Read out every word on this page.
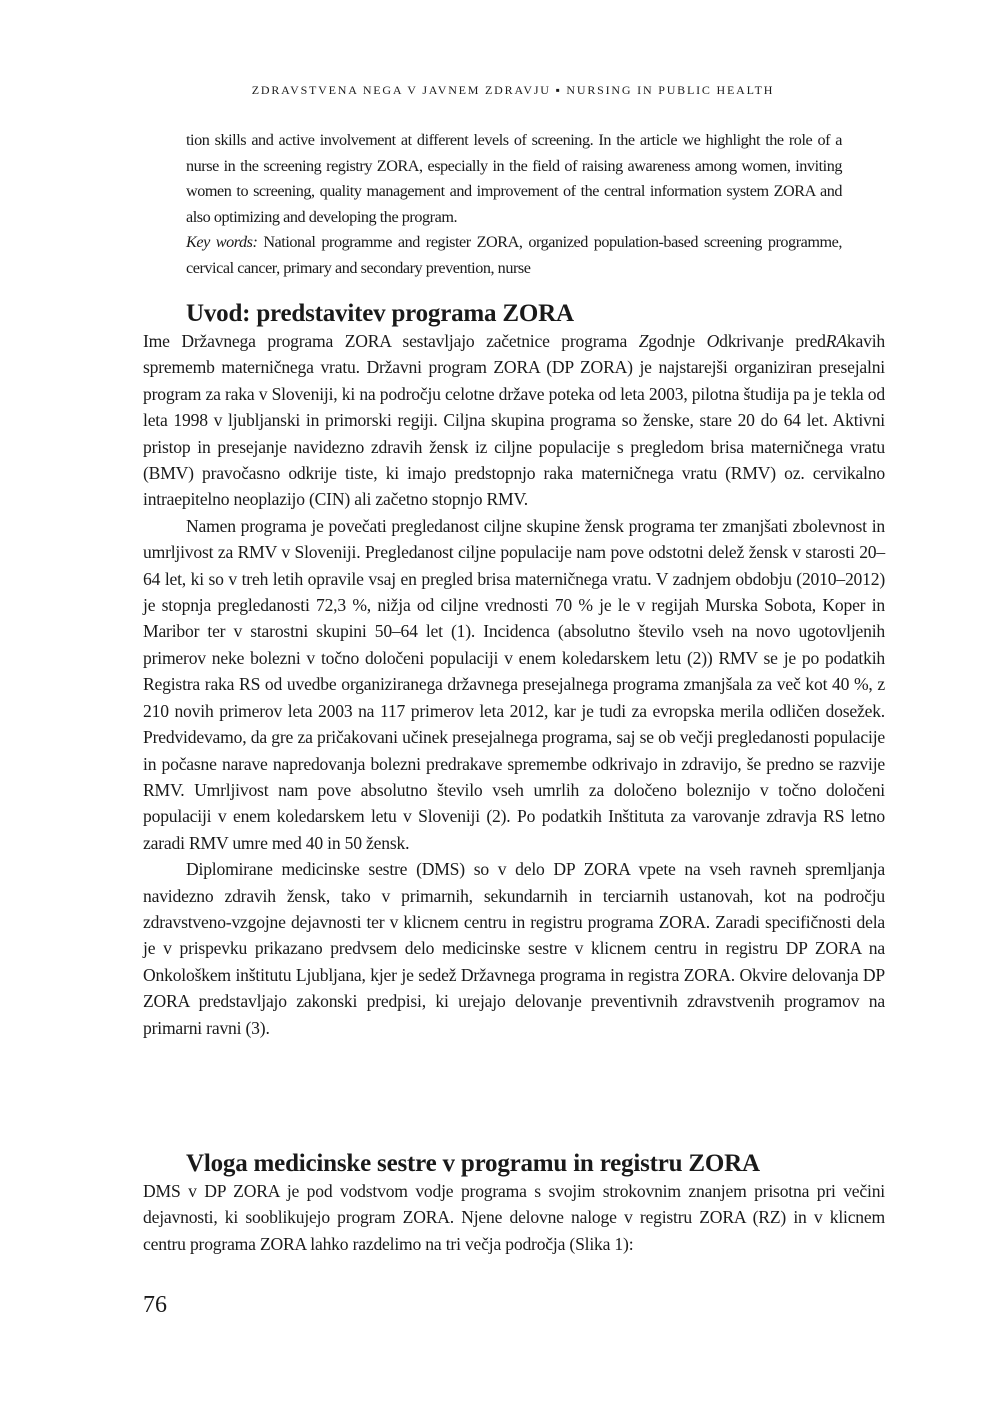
ZDRAVSTVENA NEGA V JAVNEM ZDRAVJU ▪ NURSING IN PUBLIC HEALTH

tion skills and active involvement at different levels of screening. In the article we highlight the role of a nurse in the screening registry ZORA, especially in the field of raising awareness among women, inviting women to screening, quality management and improvement of the central information system ZORA and also optimizing and developing the program.

Key words: National programme and register ZORA, organized population-based screening programme, cervical cancer, primary and secondary prevention, nurse

Uvod: predstavitev programa ZORA

Ime Državnega programa ZORA sestavljajo začetnice programa Zgodnje Odkrivanje predRAkavih sprememb materničnega vratu. Državni program ZORA (DP ZORA) je najstarejši organiziran presejalni program za raka v Sloveniji, ki na področju celotne države poteka od leta 2003, pilotna študija pa je tekla od leta 1998 v ljubljanski in primorski regiji. Ciljna skupina programa so ženske, stare 20 do 64 let. Aktivni pristop in presejanje navidezno zdravih žensk iz ciljne populacije s pregledom brisa materničnega vratu (BMV) pravočasno odkrije tiste, ki imajo predstopnjo raka materničnega vratu (RMV) oz. cervikalno intraepitelno neoplazijo (CIN) ali začetno stopnjo RMV.

Namen programa je povečati pregledanost ciljne skupine žensk programa ter zmanjšati zbolevnost in umrljivost za RMV v Sloveniji. Pregledanost ciljne populacije nam pove odstotni delež žensk v starosti 20–64 let, ki so v treh letih opravile vsaj en pregled brisa materničnega vratu. V zadnjem obdobju (2010–2012) je stopnja pregledanosti 72,3 %, nižja od ciljne vrednosti 70 % je le v regijah Murska Sobota, Koper in Maribor ter v starostni skupini 50–64 let (1). Incidenca (absolutno število vseh na novo ugotovljenih primerov neke bolezni v točno določeni populaciji v enem koledarskem letu (2)) RMV se je po podatkih Registra raka RS od uvedbe organiziranega državnega presejalnega programa zmanjšala za več kot 40 %, z 210 novih primerov leta 2003 na 117 primerov leta 2012, kar je tudi za evropska merila odličen dosežek. Predvidevamo, da gre za pričakovani učinek presejalnega programa, saj se ob večji pregledanosti populacije in počasne narave napredovanja bolezni predrakave spremembe odkrivajo in zdravijo, še predno se razvije RMV. Umrljivost nam pove absolutno število vseh umrlih za določeno boleznijo v točno določeni populaciji v enem koledarskem letu v Sloveniji (2). Po podatkih Inštituta za varovanje zdravja RS letno zaradi RMV umre med 40 in 50 žensk.

Diplomirane medicinske sestre (DMS) so v delo DP ZORA vpete na vseh ravneh spremljanja navidezno zdravih žensk, tako v primarnih, sekundarnih in terciarnih ustanovah, kot na področju zdravstveno-vzgojne dejavnosti ter v klicnem centru in registru programa ZORA. Zaradi specifičnosti dela je v prispevku prikazano predvsem delo medicinske sestre v klicnem centru in registru DP ZORA na Onkološkem inštitutu Ljubljana, kjer je sedež Državnega programa in registra ZORA. Okvire delovanja DP ZORA predstavljajo zakonski predpisi, ki urejajo delovanje preventivnih zdravstvenih programov na primarni ravni (3).

Vloga medicinske sestre v programu in registru ZORA

DMS v DP ZORA je pod vodstvom vodje programa s svojim strokovnim znanjem prisotna pri večini dejavnosti, ki sooblikujejo program ZORA. Njene delovne naloge v registru ZORA (RZ) in v klicnem centru programa ZORA lahko razdelimo na tri večja področja (Slika 1):

76
